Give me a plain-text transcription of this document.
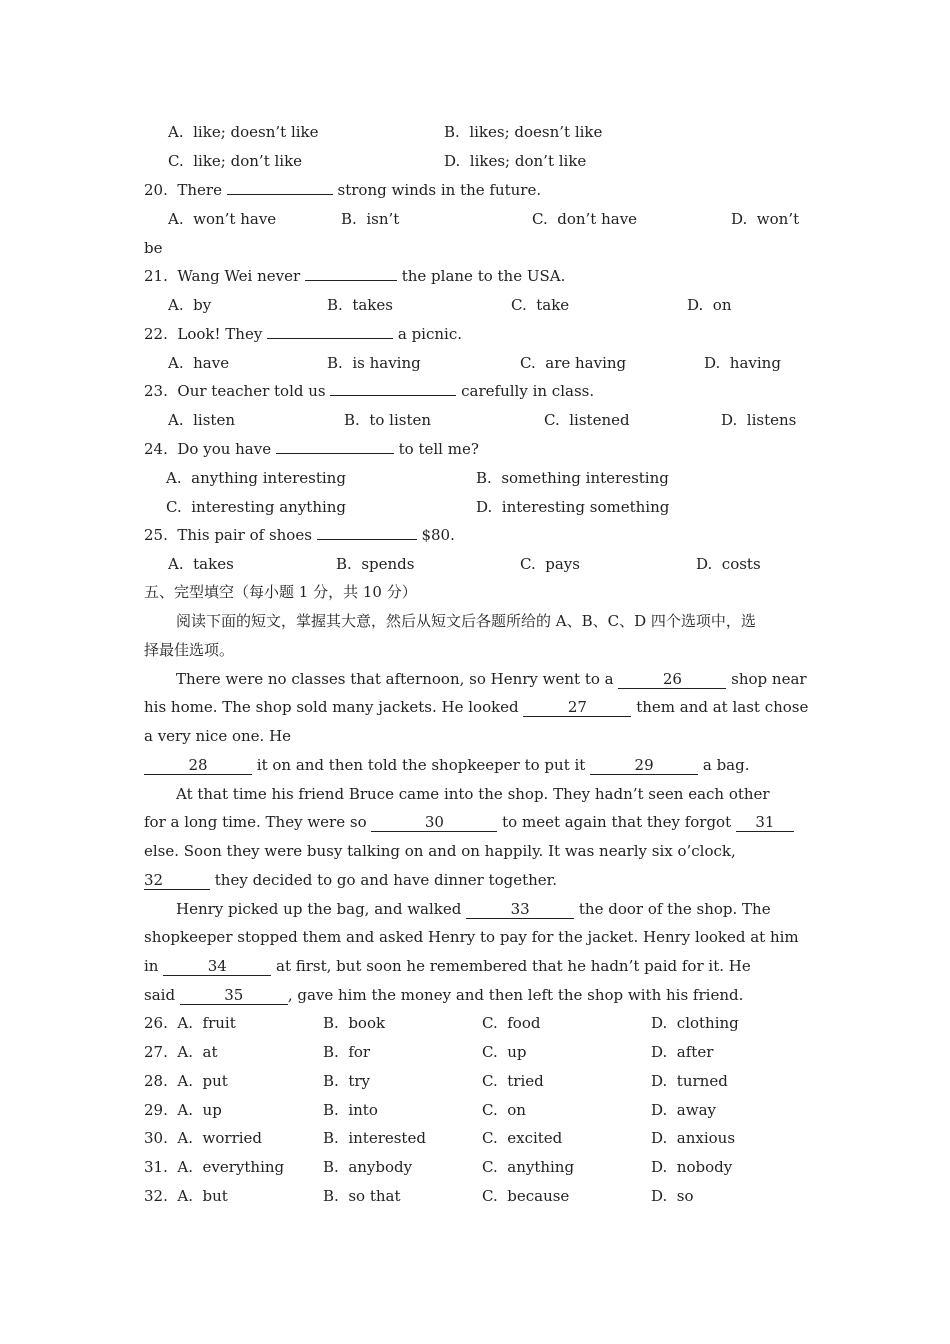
A.  like; doesn’t like	B.  likes; doesn’t like
C.  like; don’t like	D.  likes; don’t like
20.  There	strong winds in the future.
A.  won’t have	B.  isn’t	C.  don’t have	D.  won’t
be
21.  Wang Wei never	the plane to the USA.
A.  by	B.  takes	C.  take	D.  on
22.  Look! They	a picnic.
A.  have	B.  is having	C.  are having	D.  having
23.  Our teacher told us	carefully in class.
A.  listen	B.  to listen	C.  listened	D.  listens
24.  Do you have	to tell me?
A.  anything interesting	B.  something interesting
C.  interesting anything	D.  interesting something
25.  This pair of shoes	$80.
A.  takes	B.  spends	C.  pays	D.  costs
五、完型填空（每小题 1 分，共 10 分）
阅读下面的短文，掌握其大意，然后从短文后各题所给的 A、B、C、D 四个选项中，选
择最佳选项。
There were no classes that afternoon, so Henry went to a	26	shop near
his home. The shop sold many jackets. He looked	27	them and at last chose
a very nice one. He
28	it on and then told the shopkeeper to put it	29	a bag.
At that time his friend Bruce came into the shop. They hadn’t seen each other
for a long time. They were so	30	to meet again that they forgot 31
else. Soon they were busy talking on and on happily. It was nearly six o’clock,
32	they decided to go and have dinner together.
Henry picked up the bag, and walked	33	the door of the shop. The
shopkeeper stopped them and asked Henry to pay for the jacket. Henry looked at him
in	34	at first, but soon he remembered that he hadn’t paid for it. He
said	35	, gave him the money and then left the shop with his friend.
26.  A.  fruit	B.  book	C.  food	D.  clothing
27.  A.  at	B.  for	C.  up	D.  after
28.  A.  put	B.  try	C.  tried	D.  turned
29.  A.  up	B.  into	C.  on	D.  away
30.  A.  worried	B.  interested	C.  excited	D.  anxious
31.  A.  everything	B.  anybody	C.  anything	D.  nobody
32.  A.  but	B.  so that	C.  because	D.  so
